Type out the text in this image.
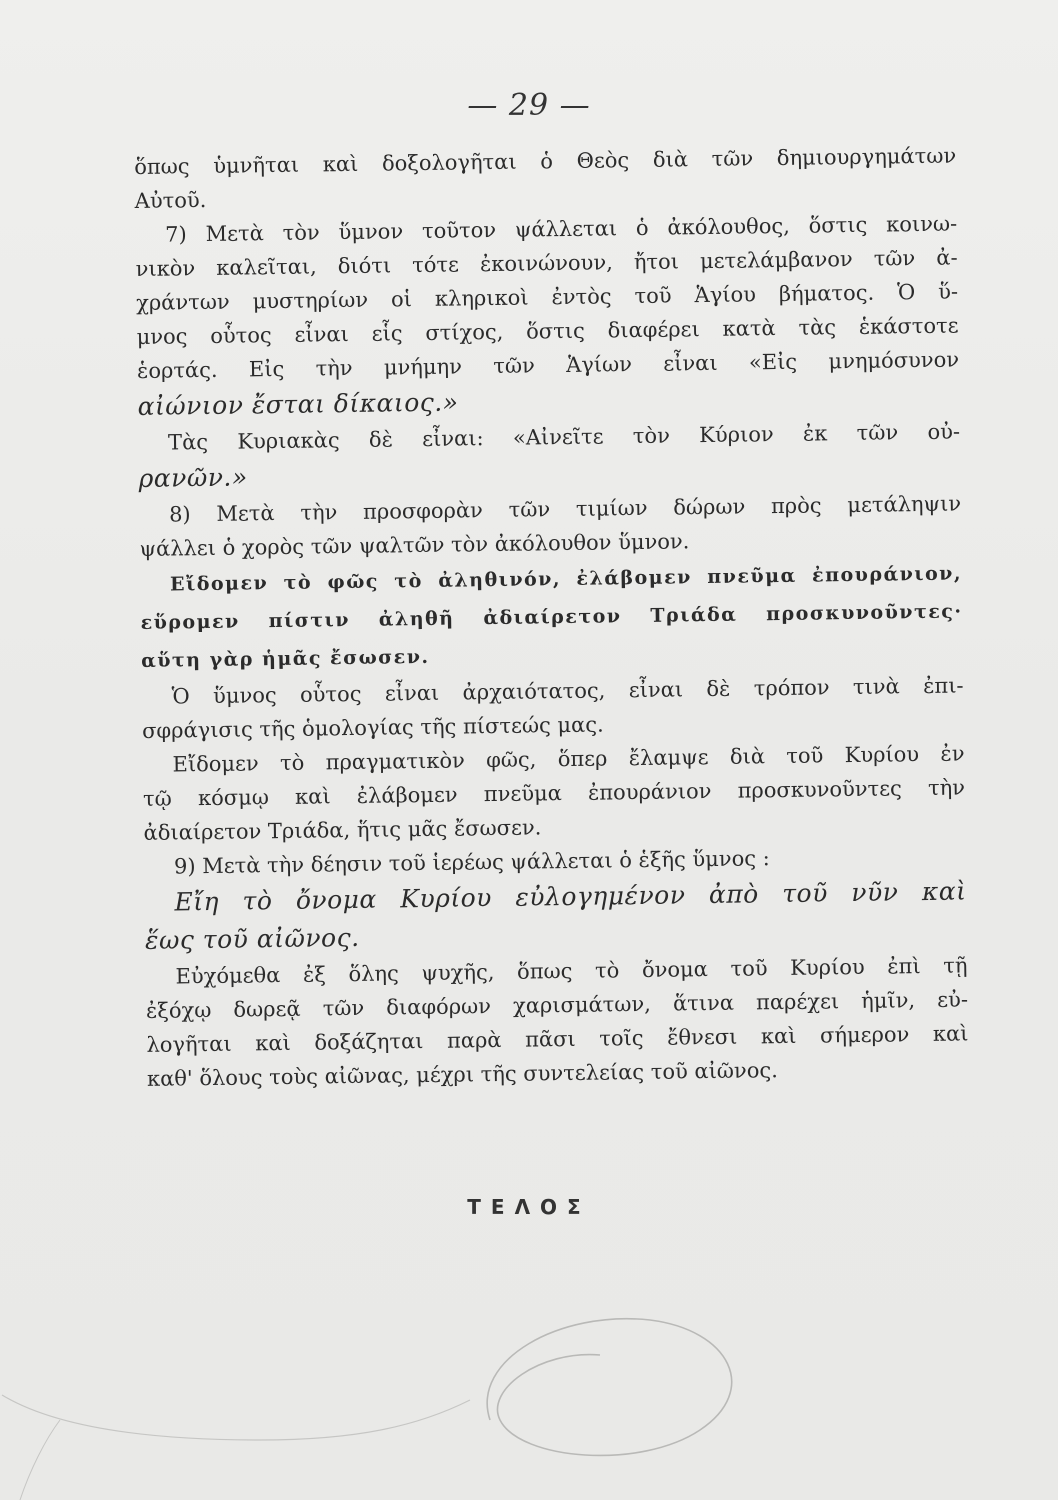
— 29 —
ὅπως ὑμνῆται καὶ δοξολογῆται ὁ Θεὸς διὰ τῶν δημιουργημάτων
Αὐτοῦ.
7) Μετὰ τὸν ὕμνον τοῦτον ψάλλεται ὁ ἀκόλουθος, ὅστις κοινω-
νικὸν καλεῖται, διότι τότε ἐκοινώνουν, ἤτοι μετελάμβανον τῶν ἀ-
χράντων μυστηρίων οἱ κληρικοὶ ἐντὸς τοῦ Ἁγίου βήματος. Ὁ ὕ-
μνος οὗτος εἶναι εἷς στίχος, ὅστις διαφέρει κατὰ τὰς ἑκάστοτε
ἑορτάς. Εἰς τὴν μνήμην τῶν Ἁγίων εἶναι «Εἰς μνημόσυνον
αἰώνιον ἔσται δίκαιος.»
Τὰς Κυριακὰς δὲ εἶναι: «Αἰνεῖτε τὸν Κύριον ἐκ τῶν οὐ-
ρανῶν.»
8) Μετὰ τὴν προσφορὰν τῶν τιμίων δώρων πρὸς μετάληψιν
ψάλλει ὁ χορὸς τῶν ψαλτῶν τὸν ἀκόλουθον ὕμνον.
Εἴδομεν τὸ φῶς τὸ ἀληθινόν, ἐλάβομεν πνεῦμα ἐπουράνιον,
εὕρομεν πίστιν ἀληθῆ ἀδιαίρετον Τριάδα προσκυνοῦντες·
αὕτη γὰρ ἡμᾶς ἔσωσεν.
Ὁ ὕμνος οὗτος εἶναι ἀρχαιότατος, εἶναι δὲ τρόπον τινὰ ἐπι-
σφράγισις τῆς ὁμολογίας τῆς πίστεώς μας.
Εἴδομεν τὸ πραγματικὸν φῶς, ὅπερ ἔλαμψε διὰ τοῦ Κυρίου ἐν
τῷ κόσμῳ καὶ ἐλάβομεν πνεῦμα ἐπουράνιον προσκυνοῦντες τὴν
ἀδιαίρετον Τριάδα, ἥτις μᾶς ἔσωσεν.
9) Μετὰ τὴν δέησιν τοῦ ἱερέως ψάλλεται ὁ ἑξῆς ὕμνος :
Εἴη τὸ ὄνομα Κυρίου εὐλογημένον ἀπὸ τοῦ νῦν καὶ
ἕως τοῦ αἰῶνος.
Εὐχόμεθα ἐξ ὅλης ψυχῆς, ὅπως τὸ ὄνομα τοῦ Κυρίου ἐπὶ τῇ
ἐξόχῳ δωρεᾷ τῶν διαφόρων χαρισμάτων, ἅτινα παρέχει ἡμῖν, εὐ-
λογῆται καὶ δοξάζηται παρὰ πᾶσι τοῖς ἔθνεσι καὶ σήμερον καὶ
καθ' ὅλους τοὺς αἰῶνας, μέχρι τῆς συντελείας τοῦ αἰῶνος.
ΤΕΛΟΣ
